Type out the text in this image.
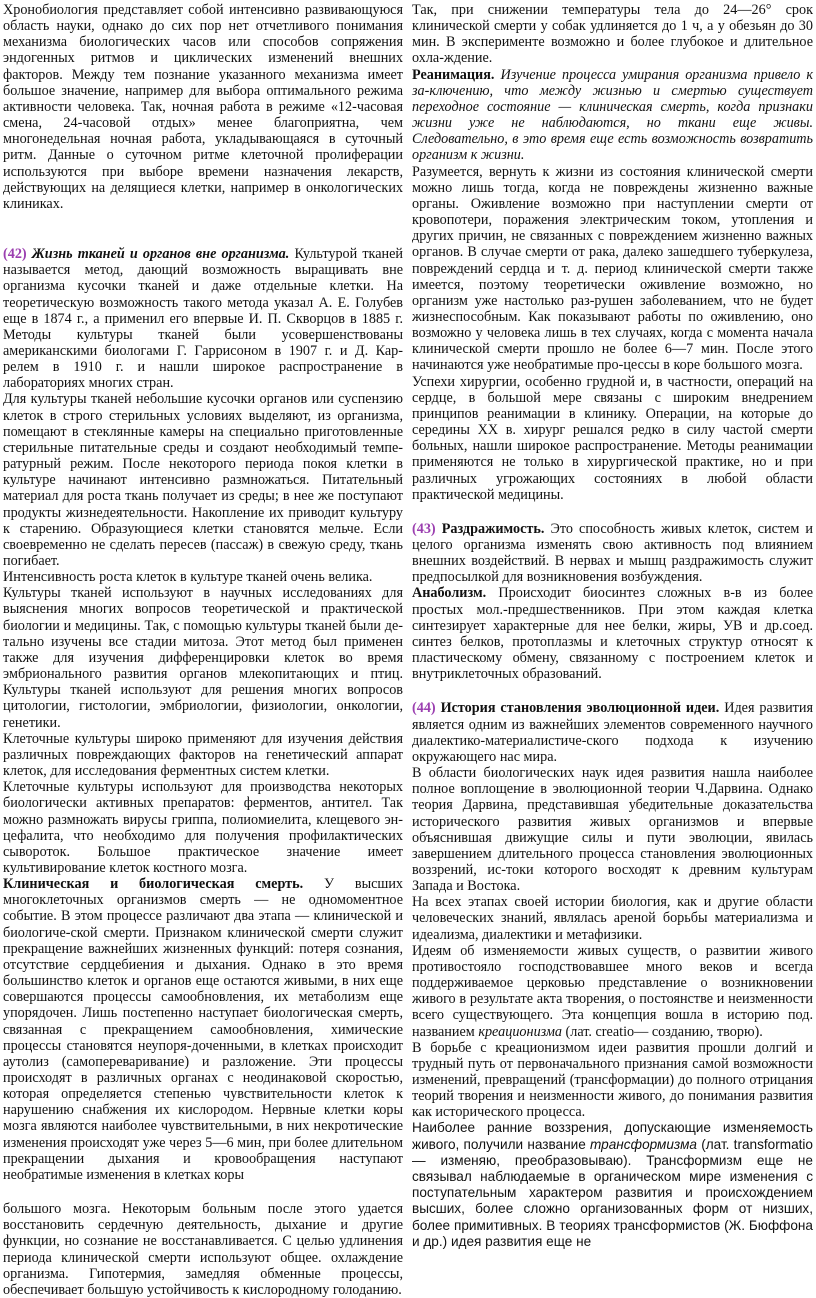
Хронобиология представляет собой интенсивно развивающуюся область науки, однако до сих пор нет отчетливого понимания механизма биологических часов или способов сопряжения эндогенных ритмов и циклических изменений внешних факторов. Между тем познание указанного механизма имеет большое значение, например для выбора оптимального режима активности человека. Так, ночная работа в режиме «12-часовая смена, 24-часовой отдых» менее благоприятна, чем многонедельная ночная работа, укладывающаяся в суточный ритм. Данные о суточном ритме клеточной пролиферации используются при выборе времени назначения лекарств, действующих на делящиеся клетки, например в онкологических клиниках.

(42) Жизнь тканей и органов вне организма. Культурой тканей называется метод, дающий возможность выращивать вне организма кусочки тканей и даже отдельные клетки. На теоретическую возможность такого метода указал А. Е. Голубев еще в 1874 г., а применил его впервые И. П. Скворцов в 1885 г. Методы культуры тканей были усовершенствованы американскими биологами Г. Гаррисоном в 1907 г. и Д. Кар-релем в 1910 г. и нашли широкое распространение в лабораториях многих стран.

Для культуры тканей небольшие кусочки органов или суспензию клеток в строго стерильных условиях выделяют, из организма, помещают в стеклянные камеры на специально приготовленные стерильные питательные среды и создают необходимый темпе-ратурный режим. После некоторого периода покоя клетки в культуре начинают интенсивно размножаться. Питательный материал для роста ткань получает из среды; в нее же поступают продукты жизнедеятельности. Накопление их приводит культуру к старению. Образующиеся клетки становятся мельче. Если своевременно не сделать пересев (пассаж) в свежую среду, ткань погибает.

Интенсивность роста клеток в культуре тканей очень велика.

Культуры тканей используют в научных исследованиях для выяснения многих вопросов теоретической и практической биологии и медицины. Так, с помощью культуры тканей были де-тально изучены все стадии митоза. Этот метод был применен также для изучения дифференцировки клеток во время эмбрионального развития органов млекопитающих и птиц. Культуры тканей используют для решения многих вопросов цитологии, гистологии, эмбриологии, физиологии, онкологии, генетики.

Клеточные культуры широко применяют для изучения действия различных повреждающих факторов на генетический аппарат клеток, для исследования ферментных систем клетки.

Клеточные культуры используют для производства некоторых биологически активных препаратов: ферментов, антител. Так можно размножать вирусы гриппа, полиомиелита, клещевого эн-цефалита, что необходимо для получения профилактических сывороток. Большое практическое значение имеет культивирование клеток костного мозга.

Клиническая и биологическая смерть. У высших многоклеточных организмов смерть — не одномоментное событие. В этом процессе различают два этапа — клинической и биологиче-ской смерти. Признаком клинической смерти служит прекращение важнейших жизненных функций: потеря сознания, отсутствие сердцебиения и дыхания. Однако в это время большинство клеток и органов еще остаются живыми, в них еще совершаются процессы самообновления, их метаболизм еще упорядочен. Лишь постепенно наступает биологическая смерть, связанная с прекращением самообновления, химические процессы становятся неупоря-доченными, в клетках происходит аутолиз (самопереваривание) и разложение. Эти процессы происходят в различных органах с неодинаковой скоростью, которая определяется степенью чувствительности клеток к нарушению снабжения их кислородом. Нервные клетки коры мозга являются наиболее чувствительными, в них некротические изменения происходят уже через 5—6 мин, при более длительном прекращении дыхания и кровообращения наступают необратимые изменения в клетках коры

большого мозга. Некоторым больным после этого удается восстановить сердечную деятельность, дыхание и другие функции, но сознание не восстанавливается. С целью удлинения периода клинической смерти используют общее. охлаждение организма. Гипотермия, замедляя обменные процессы, обеспечивает большую устойчивость к кислородному голоданию.

Так, при снижении температуры тела до 24—26° срок клинической смерти у собак удлиняется до 1 ч, а у обезьян до 30 мин. В эксперименте возможно и более глубокое и длительное охла-ждение.

Реанимация. Изучение процесса умирания организма привело к за-ключению, что между жизнью и смертью существует переходное состояние — клиническая смерть, когда признаки жизни уже не наблюдаются, но ткани еще живы. Следовательно, в это время еще есть возможность возвратить организм к жизни.

Разумеется, вернуть к жизни из состояния клинической смерти можно лишь тогда, когда не повреждены жизненно важные органы. Оживление возможно при наступлении смерти от кровопотери, поражения электрическим током, утопления и других причин, не связанных с повреждением жизненно важных органов. В случае смерти от рака, далеко зашедшего туберкулеза, повреждений сердца и т. д. период клинической смерти также имеется, поэтому теоретически оживление возможно, но организм уже настолько раз-рушен заболеванием, что не будет жизнеспособным. Как показывают работы по оживлению, оно возможно у человека лишь в тех случаях, когда с момента начала клинической смерти прошло не более 6—7 мин. После этого начинаются уже необратимые про-цессы в коре большого мозга.

Успехи хирургии, особенно грудной и, в частности, операций на сердце, в большой мере связаны с широким внедрением принципов реанимации в клинику. Операции, на которые до середины XX в. хирург решался редко в силу частой смерти больных, нашли широкое распространение. Методы реанимации применяются не только в хирургической практике, но и при различных угрожающих состояниях в любой области практической медицины.

(43) Раздражимость. Это способность живых клеток, систем и целого организма изменять свою активность под влиянием внешних воздействий. В нервах и мышц раздражимость служит предпосылкой для возникновения возбуждения.

Анаболизм. Происходит биосинтез сложных в-в из более простых мол.-предшественников. При этом каждая клетка синтезирует характерные для нее белки, жиры, УВ и др.соед. синтез белков, протоплазмы и клеточных структур относят к пластическому обмену, связанному с построением клеток и внутриклеточных образований.

(44) История становления эволюционной идеи. Идея развития является одним из важнейших элементов современного научного диалектико-материалистиче-ского подхода к изучению окружающего нас мира.

В области биологических наук идея развития нашла наиболее полное воплощение в эволюционной теории Ч.Дарвина. Однако теория Дарвина, представившая убедительные доказательства исторического развития живых организмов и впервые объяснившая движущие силы и пути эволюции, явилась завершением длительного процесса становления эволюционных воззрений, ис-токи которого восходят к древним культурам Запада и Востока.

На всех этапах своей истории биология, как и другие области человеческих знаний, являлась ареной борьбы материализма и идеализма, диалектики и метафизики.

Идеям об изменяемости живых существ, о развитии живого противостояло господствовавшее много веков и всегда поддерживаемое церковью представление о возникновении живого в результате акта творения, о постоянстве и неизменности всего существующего. Эта концепция вошла в историю под. названием креационизма (лат. creatio— созданию, творю).

В борьбе с креационизмом идеи развития прошли долгий и трудный путь от первоначального признания самой возможности изменений, превращений (трансформации) до полного отрицания теорий творения и неизменности живого, до понимания развития как исторического процесса.

Наиболее ранние воззрения, допускающие изменяемость живого, получили название трансформизма (лат. transformatio — изменяю, преобразовываю). Трансформизм еще не связывал наблюдаемые в органическом мире изменения с поступательным характером развития и происхождением высших, более сложно организованных форм от низших, более примитивных. В теориях трансформистов (Ж. Бюффона и др.) идея развития еще не
